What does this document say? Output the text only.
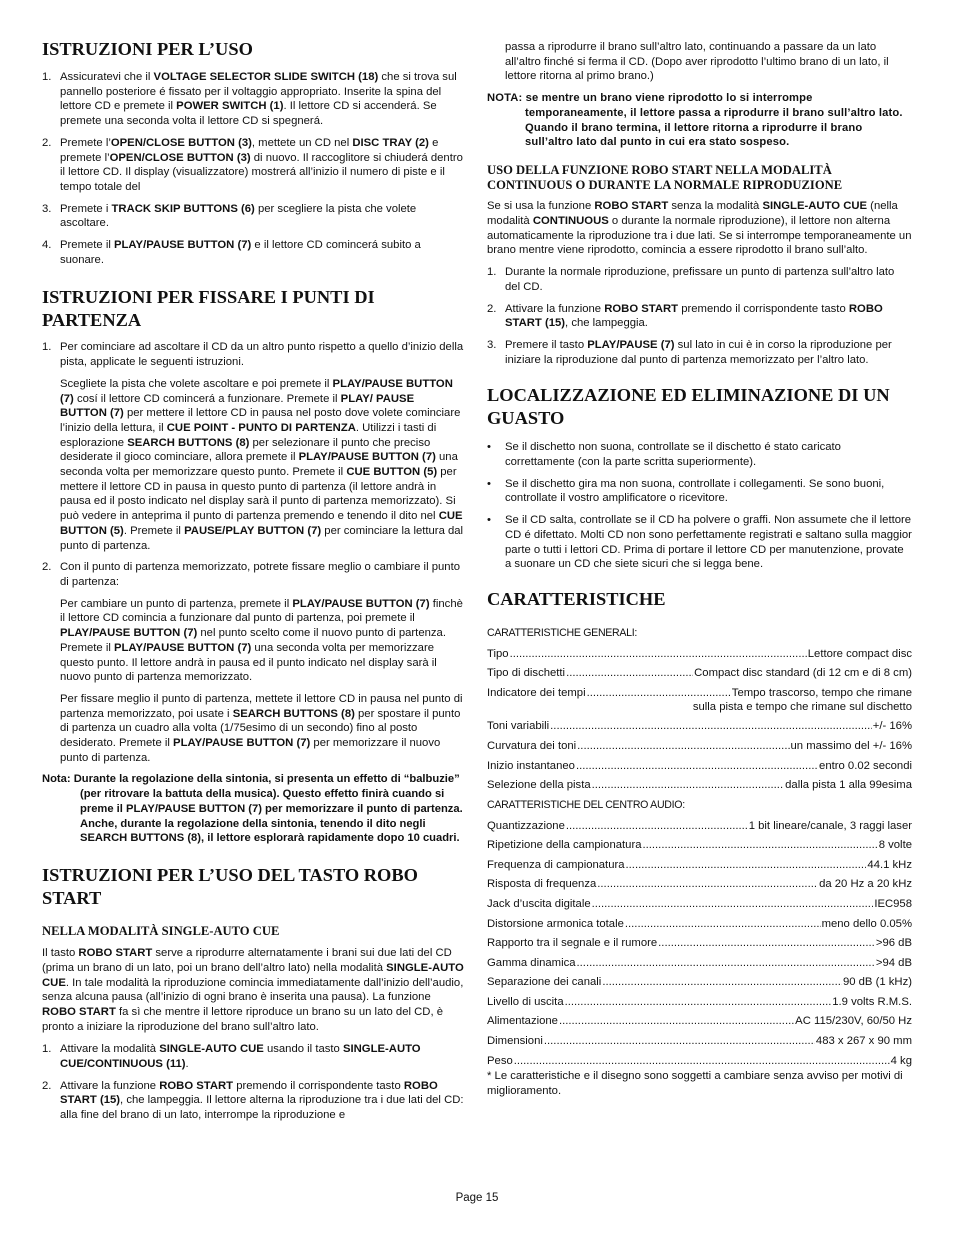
ISTRUZIONI PER L’USO
1. Assicuratevi che il VOLTAGE SELECTOR SLIDE SWITCH (18) che si trova sul pannello posteriore é fissato per il voltaggio appropriato. Inserite la spina del lettore CD e premete il POWER SWITCH (1). Il lettore CD si accenderá. Se premete una seconda volta il lettore CD si spegnerá.
2. Premete l’OPEN/CLOSE BUTTON (3), mettete un CD nel DISC TRAY (2) e premete l’OPEN/CLOSE BUTTON (3) di nuovo. Il raccoglitore si chiuderá dentro il lettore CD. Il display (visualizzatore) mostrerá all’inizio il numero di piste e il tempo totale del
3. Premete i TRACK SKIP BUTTONS (6) per scegliere la pista che volete ascoltare.
4. Premete il PLAY/PAUSE BUTTON (7) e il lettore CD comincerá subito a suonare.
ISTRUZIONI PER FISSARE I PUNTI DI PARTENZA
1. Per cominciare ad ascoltare il CD da un altro punto rispetto a quello d’inizio della pista, applicate le seguenti istruzioni.

Scegliete la pista che volete ascoltare e poi premete il PLAY/PAUSE BUTTON (7) cosí il lettore CD comincerá a funzionare. Premete il PLAY/ PAUSE BUTTON (7) per mettere il lettore CD in pausa nel posto dove volete cominciare l’inizio della lettura, il CUE POINT - PUNTO DI PARTENZA. Utilizzi i tasti di esplorazione SEARCH BUTTONS (8) per selezionare il punto che preciso desiderate il gioco cominciare, allora premete il PLAY/PAUSE BUTTON (7) una seconda volta per memorizzare questo punto. Premete il CUE BUTTON (5) per mettere il lettore CD in pausa in questo punto di partenza (il lettore andrà in pausa ed il posto indicato nel display sarà il punto di partenza memorizzato). Si può vedere in anteprima il punto di partenza premendo e tenendo il dito nel CUE BUTTON (5). Premete il PAUSE/PLAY BUTTON (7) per cominciare la lettura dal punto di partenza.

2. Con il punto di partenza memorizzato, potrete fissare meglio o cambiare il punto di partenza:

Per cambiare un punto di partenza, premete il PLAY/PAUSE BUTTON (7) finchè il lettore CD comincia a funzionare dal punto di partenza, poi premete il PLAY/PAUSE BUTTON (7) nel punto scelto come il nuovo punto di partenza. Premete il PLAY/PAUSE BUTTON (7) una seconda volta per memorizzare questo punto. Il lettore andrà in pausa ed il punto indicato nel display sarà il nuovo punto di partenza memorizzato.

Per fissare meglio il punto di partenza, mettete il lettore CD in pausa nel punto di partenza memorizzato, poi usate i SEARCH BUTTONS (8) per spostare il punto di partenza un cuadro alla volta (1/75esimo di un secondo) fino al posto desiderato. Premete il PLAY/PAUSE BUTTON (7) per memorizzare il nuovo punto di partenza.

Nota: Durante la regolazione della sintonia, si presenta un effetto di “balbuzie” (per ritrovare la battuta della musica). Questo effetto finirà cuando si preme il PLAY/PAUSE BUTTON (7) per memorizzare il punto di partenza. Anche, durante la regolazione della sintonia, tenendo il dito negli SEARCH BUTTONS (8), il lettore esplorarà rapidamente dopo 10 cuadri.

ISTRUZIONI PER L’USO DEL TASTO ROBO START
NELLA MODALITÀ SINGLE-AUTO CUE

Il tasto ROBO START serve a riprodurre alternatamente i brani sui due lati del CD (prima un brano di un lato, poi un brano dell’altro lato) nella modalità SINGLE-AUTO CUE. In tale modalità la riproduzione comincia immediatamente dall’inizio dell’audio, senza alcuna pausa (all’inizio di ogni brano è inserita una pausa). La funzione ROBO START fa sì che mentre il lettore riproduce un brano su un lato del CD, è pronto a iniziare la riproduzione del brano sull’altro lato.

1. Attivare la modalità SINGLE-AUTO CUE usando il tasto SINGLE-AUTO CUE/CONTINUOUS (11).
2. Attivare la funzione ROBO START premendo il corrispondente tasto ROBO START (15), che lampeggia. Il lettore alterna la riproduzione tra i due lati del CD: alla fine del brano di un lato, interrompe la riproduzione e

passa a riprodurre il brano sull’altro lato, continuando a passare da un lato all’altro finché si ferma il CD. (Dopo aver riprodotto l’ultimo brano di un lato, il lettore ritorna al primo brano.)

NOTA: se mentre un brano viene riprodotto lo si interrompe temporaneamente, il lettore passa a riprodurre il brano sull’altro lato. Quando il brano termina, il lettore ritorna a riprodurre il brano sull’altro lato dal punto in cui era stato sospeso.

USO DELLA FUNZIONE ROBO START NELLA MODALITÀ CONTINUOUS O DURANTE LA NORMALE RIPRODUZIONE

Se si usa la funzione ROBO START senza la modalità SINGLE-AUTO CUE (nella modalità CONTINUOUS o durante la normale riproduzione), il lettore non alterna automaticamente la riproduzione tra i due lati. Se si interrompe temporaneamente un brano mentre viene riprodotto, comincia a essere riprodotto il brano sull’alto.

1. Durante la normale riproduzione, prefissare un punto di partenza sull’altro lato del CD.
2. Attivare la funzione ROBO START premendo il corrispondente tasto ROBO START (15), che lampeggia.
3. Premere il tasto PLAY/PAUSE (7) sul lato in cui è in corso la riproduzione per iniziare la riproduzione dal punto di partenza memorizzato per l’altro lato.
LOCALIZZAZIONE ED ELIMINAZIONE DI UN GUASTO
• Se il dischetto non suona, controllate se il dischetto é stato caricato correttamente (con la parte scritta superiormente).
• Se il dischetto gira ma non suona, controllate i collegamenti. Se sono buoni, controllate il vostro amplificatore o ricevitore.
• Se il CD salta, controllate se il CD ha polvere o graffi. Non assumete che il lettore CD é difettato. Molti CD non sono perfettamente registrati e saltano sulla maggior parte o tutti i lettori CD. Prima di portare il lettore CD per manutenzione, provate a suonare un CD che siete sicuri che si legga bene.
CARATTERISTICHE
CARATTERISTICHE GENERALI:
Tipo .....	Lettore compact disc
Tipo di dischetti .....	Compact disc standard (di 12 cm e di 8 cm)
Indicatore dei tempi .....	Tempo trascorso, tempo che rimane
sulla pista e tempo che rimane sul dischetto
Toni variabili .....	+/- 16%
Curvatura dei toni .....	un massimo del +/- 16%
Inizio instantaneo .....	entro 0.02 secondi
Selezione della pista .....	dalla pista 1 alla 99esima
CARATTERISTICHE DEL CENTRO AUDIO:
Quantizzazione .....	1 bit lineare/canale, 3 raggi laser
Ripetizione della campionatura .....	8 volte
Frequenza di campionatura .....	44.1 kHz
Risposta di frequenza .....	da 20 Hz a 20 kHz
Jack d’uscita digitale .....	IEC958
Distorsione armonica totale .....	meno dello 0.05%
Rapporto tra il segnale e il rumore .....	>96 dB
Gamma dinamica .....	>94 dB
Separazione dei canali .....	90 dB (1 kHz)
Livello di uscita .....	1.9 volts R.M.S.
Alimentazione .....	AC 115/230V, 60/50 Hz
Dimensioni .....	483 x 267 x 90 mm
Peso .....	4 kg

* Le caratteristiche e il disegno sono soggetti a cambiare senza avviso per motivi di miglioramento.

Page 15
